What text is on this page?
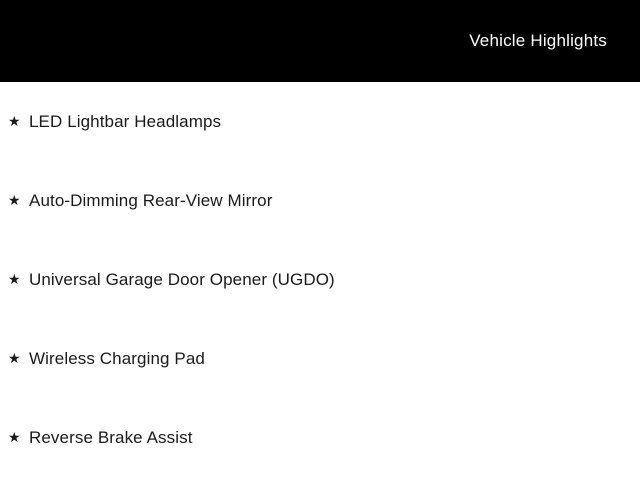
Vehicle Highlights
★ LED Lightbar Headlamps
★ Auto-Dimming Rear-View Mirror
★ Universal Garage Door Opener (UGDO)
★ Wireless Charging Pad
★ Reverse Brake Assist
